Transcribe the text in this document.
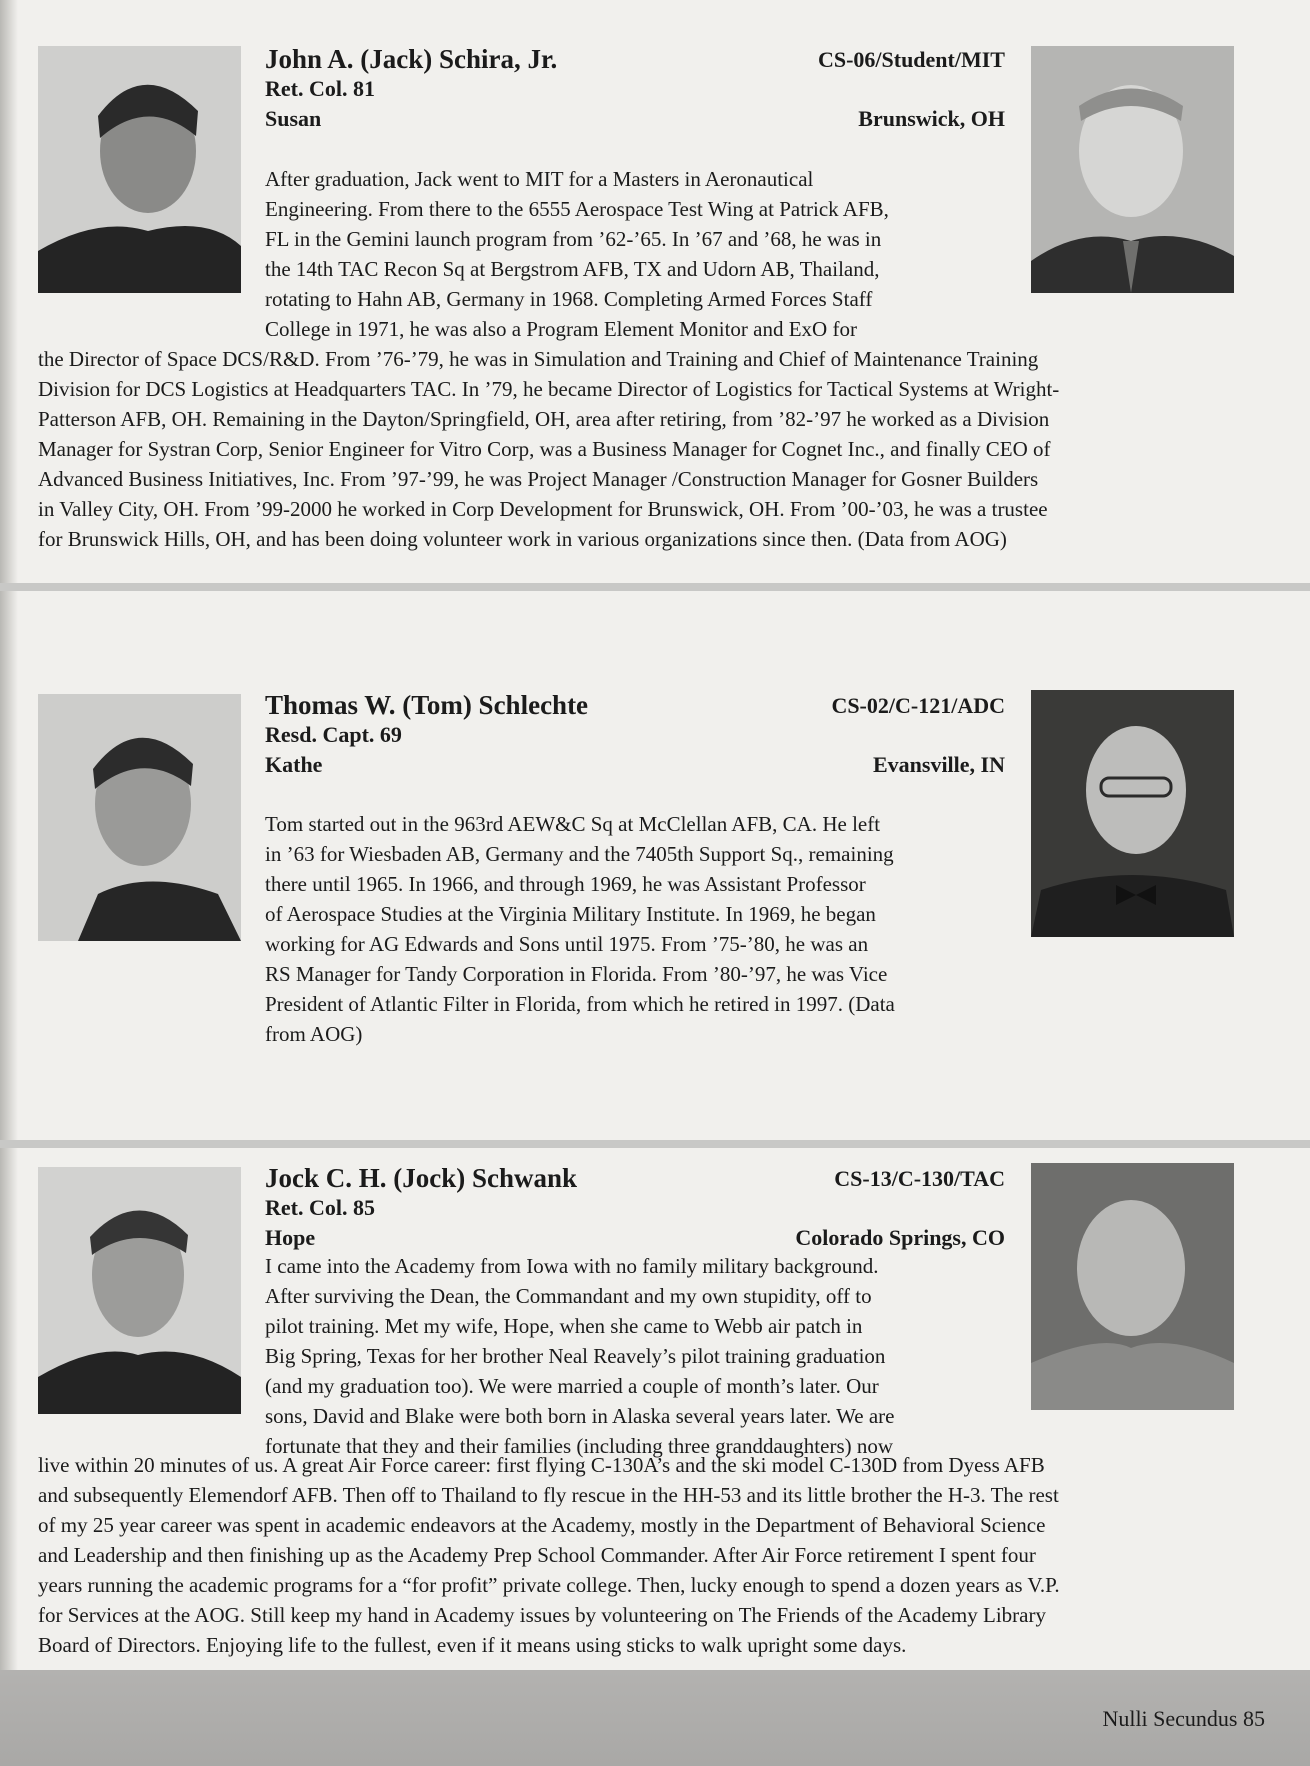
John A. (Jack) Schira, Jr.	CS-06/Student/MIT
Ret. Col. 81
Susan	Brunswick, OH
After graduation, Jack went to MIT for a Masters in Aeronautical
Engineering. From there to the 6555 Aerospace Test Wing at Patrick AFB,
FL in the Gemini launch program from ’62-’65. In ’67 and ’68, he was in
the 14th TAC Recon Sq at Bergstrom AFB, TX and Udorn AB, Thailand,
rotating to Hahn AB, Germany in 1968. Completing Armed Forces Staff
College in 1971, he was also a Program Element Monitor and ExO for
the Director of Space DCS/R&D. From ’76-’79, he was in Simulation and Training and Chief of Maintenance Training
Division for DCS Logistics at Headquarters TAC. In ’79, he became Director of Logistics for Tactical Systems at Wright-
Patterson AFB, OH. Remaining in the Dayton/Springfield, OH, area after retiring, from ’82-’97 he worked as a Division
Manager for Systran Corp, Senior Engineer for Vitro Corp, was a Business Manager for Cognet Inc., and finally CEO of
Advanced Business Initiatives, Inc. From ’97-’99, he was Project Manager /Construction Manager for Gosner Builders
in Valley City, OH. From ’99-2000 he worked in Corp Development for Brunswick, OH. From ’00-’03, he was a trustee
for Brunswick Hills, OH, and has been doing volunteer work in various organizations since then. (Data from AOG)
Thomas W. (Tom) Schlechte	CS-02/C-121/ADC
Resd. Capt. 69
Kathe	Evansville, IN
Tom started out in the 963rd AEW&C Sq at McClellan AFB, CA. He left
in ’63 for Wiesbaden AB, Germany and the 7405th Support Sq., remaining
there until 1965. In 1966, and through 1969, he was Assistant Professor
of Aerospace Studies at the Virginia Military Institute. In 1969, he began
working for AG Edwards and Sons until 1975. From ’75-’80, he was an
RS Manager for Tandy Corporation in Florida. From ’80-’97, he was Vice
President of Atlantic Filter in Florida, from which he retired in 1997. (Data
from AOG)
Jock C. H. (Jock) Schwank	CS-13/C-130/TAC
Ret. Col. 85
Hope	Colorado Springs, CO
I came into the Academy from Iowa with no family military background.
After surviving the Dean, the Commandant and my own stupidity, off to
pilot training. Met my wife, Hope, when she came to Webb air patch in
Big Spring, Texas for her brother Neal Reavely’s pilot training graduation
(and my graduation too). We were married a couple of month’s later. Our
sons, David and Blake were both born in Alaska several years later. We are
fortunate that they and their families (including three granddaughters) now
live within 20 minutes of us. A great Air Force career: first flying C-130A’s and the ski model C-130D from Dyess AFB
and subsequently Elemendorf AFB. Then off to Thailand to fly rescue in the HH-53 and its little brother the H-3. The rest
of my 25 year career was spent in academic endeavors at the Academy, mostly in the Department of Behavioral Science
and Leadership and then finishing up as the Academy Prep School Commander. After Air Force retirement I spent four
years running the academic programs for a “for profit” private college. Then, lucky enough to spend a dozen years as V.P.
for Services at the AOG. Still keep my hand in Academy issues by volunteering on The Friends of the Academy Library
Board of Directors. Enjoying life to the fullest, even if it means using sticks to walk upright some days.
Nulli Secundus 85
